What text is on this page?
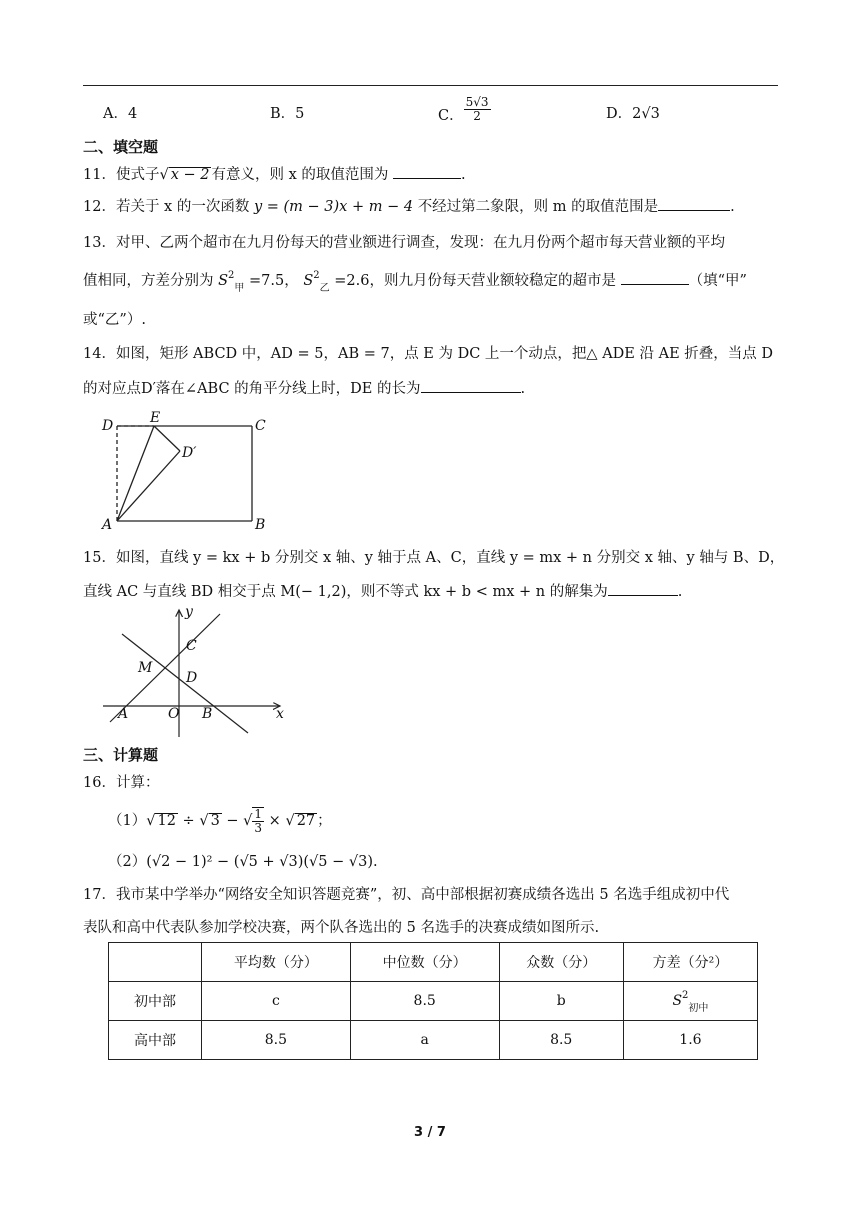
A．4	B．5	C． $\frac{5√3}{2}$	D．2√3
二、填空题
11．使式子√ x − 2 有意义，则 x 的取值范围为	.
12．若关于 x 的一次函数 y = (m − 3)x + m − 4 不经过第二象限，则 m 的取值范围是	.
13．对甲、乙两个超市在九月份每天的营业额进行调查，发现：在九月份两个超市每天营业额的平均
值相同，方差分别为 $S^2_甲 =7.5$， $S^2_乙 =2.6$，则九月份每天营业额较稳定的超市是	（填“甲”
或“乙”）.
14．如图，矩形 ABCD 中，AD = 5，AB = 7，点 E 为 DC 上一个动点，把△ ADE 沿 AE 折叠，当点 D
的对应点D′落在∠ABC 的角平分线上时，DE 的长为	.
D	E	C
D′
A	B
15．如图，直线 y = kx + b 分别交 x 轴、y 轴于点 A、C，直线 y = mx + n 分别交 x 轴、y 轴与 B、D，
直线 AC 与直线 BD 相交于点 M(− 1,2)，则不等式 kx + b < mx + n 的解集为	.
y
x
C
M
D
A	O B
三、计算题
16．计算：
（1）√ 12 ÷ √ 3 − √ $\frac{1}{3}$ × √ 27 ；
（2）(√2 − 1)² − (√5 + √3)(√5 − √3).
17．我市某中学举办“网络安全知识答题竞赛”，初、高中部根据初赛成绩各选出 5 名选手组成初中代
表队和高中代表队参加学校决赛，两个队各选出的 5 名选手的决赛成绩如图所示.
	平均数（分）	中位数（分）	众数（分）	方差（分²）
初中部	c	8.5	b	$S^2_{初中}$
高中部	8.5	a	8.5	1.6
3 / 7
